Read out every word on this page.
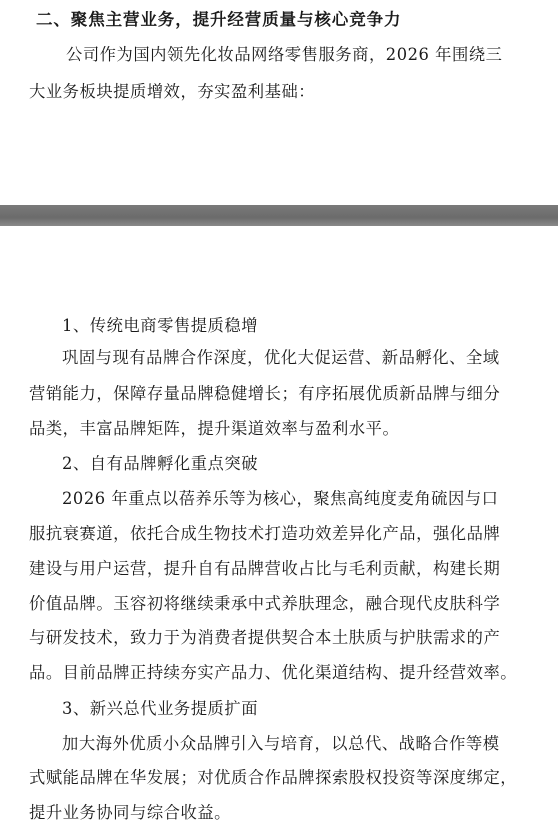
二、聚焦主营业务，提升经营质量与核心竞争力
公司作为国内领先化妆品网络零售服务商，2026 年围绕三
大业务板块提质增效，夯实盈利基础：
1、传统电商零售提质稳增
巩固与现有品牌合作深度，优化大促运营、新品孵化、全域
营销能力，保障存量品牌稳健增长；有序拓展优质新品牌与细分
品类，丰富品牌矩阵，提升渠道效率与盈利水平。
2、自有品牌孵化重点突破
2026 年重点以蓓养乐等为核心，聚焦高纯度麦角硫因与口
服抗衰赛道，依托合成生物技术打造功效差异化产品，强化品牌
建设与用户运营，提升自有品牌营收占比与毛利贡献，构建长期
价值品牌。玉容初将继续秉承中式养肤理念，融合现代皮肤科学
与研发技术，致力于为消费者提供契合本土肤质与护肤需求的产
品。目前品牌正持续夯实产品力、优化渠道结构、提升经营效率。
3、新兴总代业务提质扩面
加大海外优质小众品牌引入与培育，以总代、战略合作等模
式赋能品牌在华发展；对优质合作品牌探索股权投资等深度绑定，
提升业务协同与综合收益。
